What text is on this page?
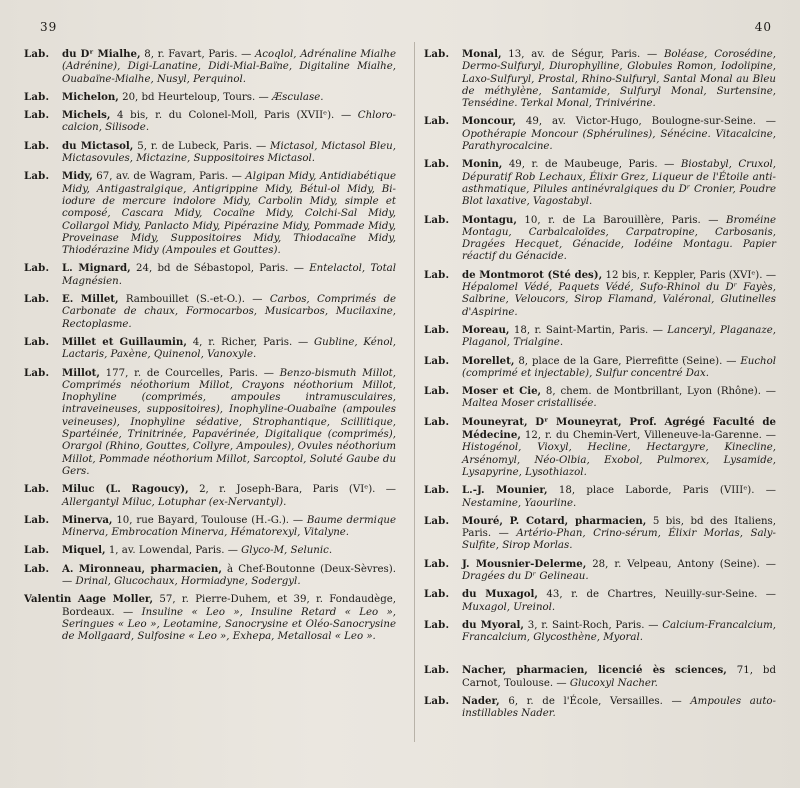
39	40
Lab.	du Dʳ Mialhe, 8, r. Favart, Paris. — Acoqlol, Adrénaline Mialhe (Adrénine), Digi-Lanatine, Didi-Mial-Baïne, Digitaline Mialhe, Ouabaïne-Mialhe, Nusyl, Perquinol.
Lab.	Michelon, 20, bd Heurteloup, Tours. — Æsculase.
Lab.	Michels, 4 bis, r. du Colonel-Moll, Paris (XVIIᵉ). — Chloro-calcion, Silisode.
Lab.	du Mictasol, 5, r. de Lubeck, Paris. — Mictasol, Mictasol Bleu, Mictasovules, Mictazine, Suppositoires Mictasol.
Lab.	Midy, 67, av. de Wagram, Paris. — Algipan Midy, Antidiabétique Midy, Antigastralgique, Antigrippine Midy, Bétul-ol Midy, Bi-iodure de mercure indolore Midy, Carbolin Midy, simple et composé, Cascara Midy, Cocaïne Midy, Colchi-Sal Midy, Collargol Midy, Panlacto Midy, Pipérazine Midy, Pommade Midy, Proveinase Midy, Suppositoires Midy, Thiodacaïne Midy, Thiodérazine Midy (Ampoules et Gouttes).
Lab.	L. Mignard, 24, bd de Sébastopol, Paris. — Entelactol, Total Magnésien.
Lab.	E. Millet, Rambouillet (S.-et-O.). — Carbos, Comprimés de Carbonate de chaux, Formocarbos, Musicarbos, Mucilaxine, Rectoplasme.
Lab.	Millet et Guillaumin, 4, r. Richer, Paris. — Gubline, Kénol, Lactaris, Paxène, Quinenol, Vanoxyle.
Lab.	Millot, 177, r. de Courcelles, Paris. — Benzo-bismuth Millot, Comprimés néothorium Millot, Crayons néothorium Millot, Inophyline (comprimés, ampoules intramusculaires, intraveineuses, suppositoires), Inophyline-Ouabaïne (ampoules veineuses), Inophyline sédative, Strophantique, Scillitique, Spartéinée, Trinitrinée, Papavérinée, Digitalique (comprimés), Orargol (Rhino, Gouttes, Collyre, Ampoules), Ovules néothorium Millot, Pommade néothorium Millot, Sarcoptol, Soluté Gaube du Gers.
Lab.	Miluc (L. Ragoucy), 2, r. Joseph-Bara, Paris (VIᵉ). — Allergantyl Miluc, Lotuphar (ex-Nervantyl).
Lab.	Minerva, 10, rue Bayard, Toulouse (H.-G.). — Baume dermique Minerva, Embrocation Minerva, Hématorexyl, Vitalyne.
Lab.	Miquel, 1, av. Lowendal, Paris. — Glyco-M, Selunic.
Lab.	A. Mironneau, pharmacien, à Chef-Boutonne (Deux-Sèvres). — Drinal, Glucochaux, Hormiadyne, Sodergyl.
Valentin Aage Moller, 57, r. Pierre-Duhem, et 39, r. Fondaudège, Bordeaux. — Insuline « Leo », Insuline Retard « Leo », Seringues « Leo », Leotamine, Sanocrysine et Oléo-Sanocrysine de Mollgaard, Sulfosine « Leo », Exhepa, Metallosal « Leo ».
Lab.	Monal, 13, av. de Ségur, Paris. — Boléase, Corosédine, Dermo-Sulfuryl, Diurophylline, Globules Romon, Iodolipine, Laxo-Sulfuryl, Prostal, Rhino-Sulfuryl, Santal Monal au Bleu de méthylène, Santamide, Sulfuryl Monal, Surtensine, Tensédine. Terkal Monal, Trinivérine.
Lab.	Moncour, 49, av. Victor-Hugo, Boulogne-sur-Seine. — Opothérapie Moncour (Sphérulines), Sénécine. Vitacalcine, Parathyrocalcine.
Lab.	Monin, 49, r. de Maubeuge, Paris. — Biostabyl, Cruxol, Dépuratif Rob Lechaux, Élixir Grez, Liqueur de l'Étoile anti-asthmatique, Pilules antinévralgiques du Dʳ Cronier, Poudre Blot laxative, Vagostabyl.
Lab.	Montagu, 10, r. de La Barouillère, Paris. — Broméine Montagu, Carbalcaloïdes, Carpatropine, Carbosanis, Dragées Hecquet, Génacide, Iodéine Montagu. Papier réactif du Génacide.
Lab.	de Montmorot (Sté des), 12 bis, r. Keppler, Paris (XVIᵉ). — Hépalomel Védé, Paquets Védé, Sufo-Rhinol du Dʳ Fayès, Salbrine, Veloucors, Sirop Flamand, Valéronal, Glutinelles d'Aspirine.
Lab.	Moreau, 18, r. Saint-Martin, Paris. — Lanceryl, Plaganaze, Plaganol, Trialgine.
Lab.	Morellet, 8, place de la Gare, Pierrefitte (Seine). — Euchol (comprimé et injectable), Sulfur concentré Dax.
Lab.	Moser et Cie, 8, chem. de Montbrillant, Lyon (Rhône). — Maltea Moser cristallisée.
Lab.	Mouneyrat, Dʳ Mouneyrat, Prof. Agrégé Faculté de Médecine, 12, r. du Chemin-Vert, Villeneuve-la-Garenne. — Histogénol, Vioxyl, Hecline, Hectargyre, Kinecline, Arsénomyl, Néo-Olbia, Exobol, Pulmorex, Lysamide, Lysapyrine, Lysothiazol.
Lab.	L.-J. Mounier, 18, place Laborde, Paris (VIIIᵉ). — Nestamine, Yaourline.
Lab.	Mouré, P. Cotard, pharmacien, 5 bis, bd des Italiens, Paris. — Artério-Phan, Crino-sérum, Élixir Morlas, Saly-Sulfite, Sirop Morlas.
Lab.	J. Mousnier-Delerme, 28, r. Velpeau, Antony (Seine). — Dragées du Dʳ Gelineau.
Lab.	du Muxagol, 43, r. de Chartres, Neuilly-sur-Seine. — Muxagol, Ureinol.
Lab.	du Myoral, 3, r. Saint-Roch, Paris. — Calcium-Francalcium, Francalcium, Glycosthène, Myoral.
Lab.	Nacher, pharmacien, licencié ès sciences, 71, bd Carnot, Toulouse. — Glucoxyl Nacher.
Lab.	Nader, 6, r. de l'École, Versailles. — Ampoules auto-instillables Nader.
